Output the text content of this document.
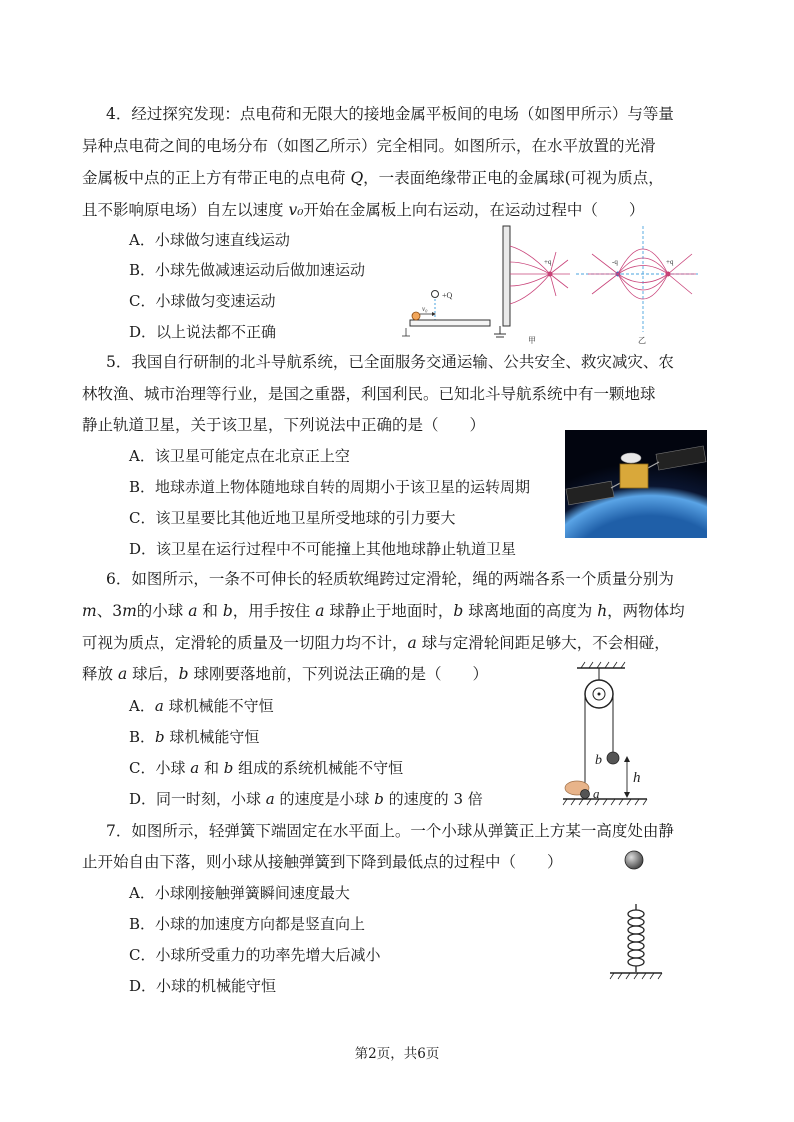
4．经过探究发现：点电荷和无限大的接地金属平板间的电场（如图甲所示）与等量
异种点电荷之间的电场分布（如图乙所示）完全相同。如图所示，在水平放置的光滑
金属板中点的正上方有带正电的点电荷 Q，一表面绝缘带正电的金属球(可视为质点，
且不影响原电场）自左以速度 v₀开始在金属板上向右运动，在运动过程中（　　）
A．小球做匀速直线运动
B．小球先做减速运动后做加速运动
C．小球做匀变速运动
D．以上说法都不正确
+Q
v₀
+q
甲
-q	+q
乙
5．我国自行研制的北斗导航系统，已全面服务交通运输、公共安全、救灾减灾、农
林牧渔、城市治理等行业，是国之重器，利国利民。已知北斗导航系统中有一颗地球
静止轨道卫星，关于该卫星，下列说法中正确的是（　　）
A．该卫星可能定点在北京正上空
B．地球赤道上物体随地球自转的周期小于该卫星的运转周期
C．该卫星要比其他近地卫星所受地球的引力要大
D．该卫星在运行过程中不可能撞上其他地球静止轨道卫星
6．如图所示，一条不可伸长的轻质软绳跨过定滑轮，绳的两端各系一个质量分别为
m、3m的小球 a 和 b，用手按住 a 球静止于地面时，b 球离地面的高度为 h，两物体均
可视为质点，定滑轮的质量及一切阻力均不计，a 球与定滑轮间距足够大，不会相碰，
释放 a 球后，b 球刚要落地前，下列说法正确的是（　　）
A．a 球机械能不守恒
B．b 球机械能守恒
C．小球 a 和 b 组成的系统机械能不守恒
D．同一时刻，小球 a 的速度是小球 b 的速度的 3 倍
b
h
a
7．如图所示，轻弹簧下端固定在水平面上。一个小球从弹簧正上方某一高度处由静
止开始自由下落，则小球从接触弹簧到下降到最低点的过程中（　　）
A．小球刚接触弹簧瞬间速度最大
B．小球的加速度方向都是竖直向上
C．小球所受重力的功率先增大后减小
D．小球的机械能守恒
第2页，共6页
